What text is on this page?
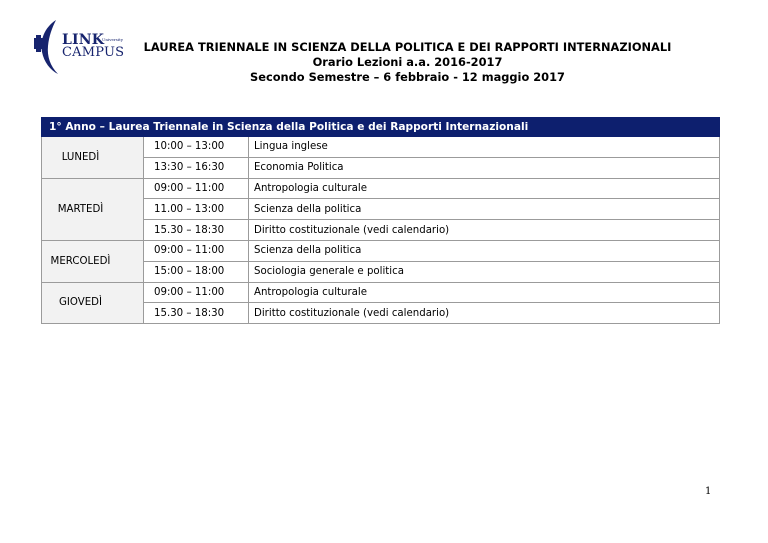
LINK
University
CAMPUS	LAUREA TRIENNALE IN SCIENZA DELLA POLITICA E DEI RAPPORTI INTERNAZIONALI
Orario Lezioni a.a. 2016-2017
Secondo Semestre – 6 febbraio - 12 maggio 2017
1° Anno – Laurea Triennale in Scienza della Politica e dei Rapporti Internazionali		
LUNEDÌ	10:00 – 13:00	Lingua inglese
	13:30 – 16:30	Economia Politica
MARTEDÌ	09:00 – 11:00	Antropologia culturale
	11.00 – 13:00	Scienza della politica
	15.30 – 18:30	Diritto costituzionale (vedi calendario)
MERCOLEDÌ	09:00 – 11:00	Scienza della politica
	15:00 – 18:00	Sociologia generale e politica
GIOVEDÌ	09:00 – 11:00	Antropologia culturale
	15.30 – 18:30	Diritto costituzionale (vedi calendario)
1
